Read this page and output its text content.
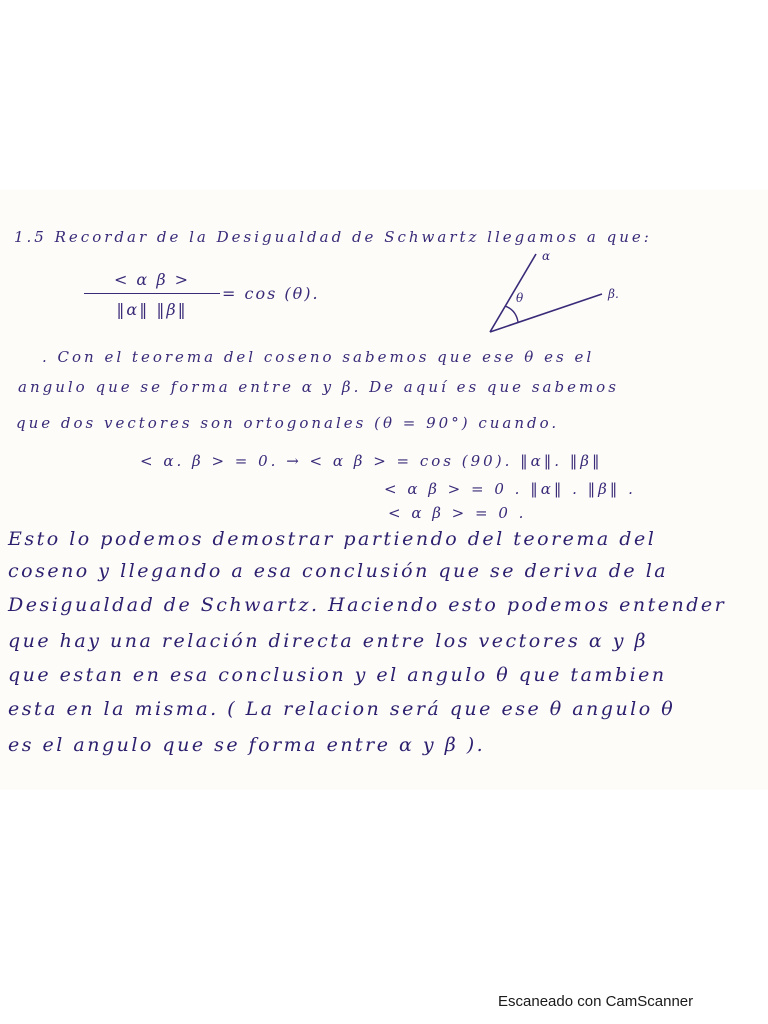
1.5 Recordar de la Desigualdad de Schwartz llegamos a que:
< α β >
‖α‖ ‖β‖
= cos (θ).
α
θ	β.
. Con el teorema del coseno sabemos que ese θ es el
angulo que se forma entre α y β. De aquí es que sabemos
que dos vectores son ortogonales (θ = 90°) cuando.
< α. β > = 0. → < α β > = cos (90). ‖α‖. ‖β‖
< α β > = 0 . ‖α‖ . ‖β‖ .
< α β > = 0 .
Esto lo podemos demostrar partiendo del teorema del
coseno y llegando a esa conclusión que se deriva de la
Desigualdad de Schwartz. Haciendo esto podemos entender
que hay una relación directa entre los vectores α y β
que estan en esa conclusion y el angulo θ que tambien
esta en la misma. ( La relacion será que ese θ angulo θ
es el angulo que se forma entre α y β ).
Escaneado con CamScanner
